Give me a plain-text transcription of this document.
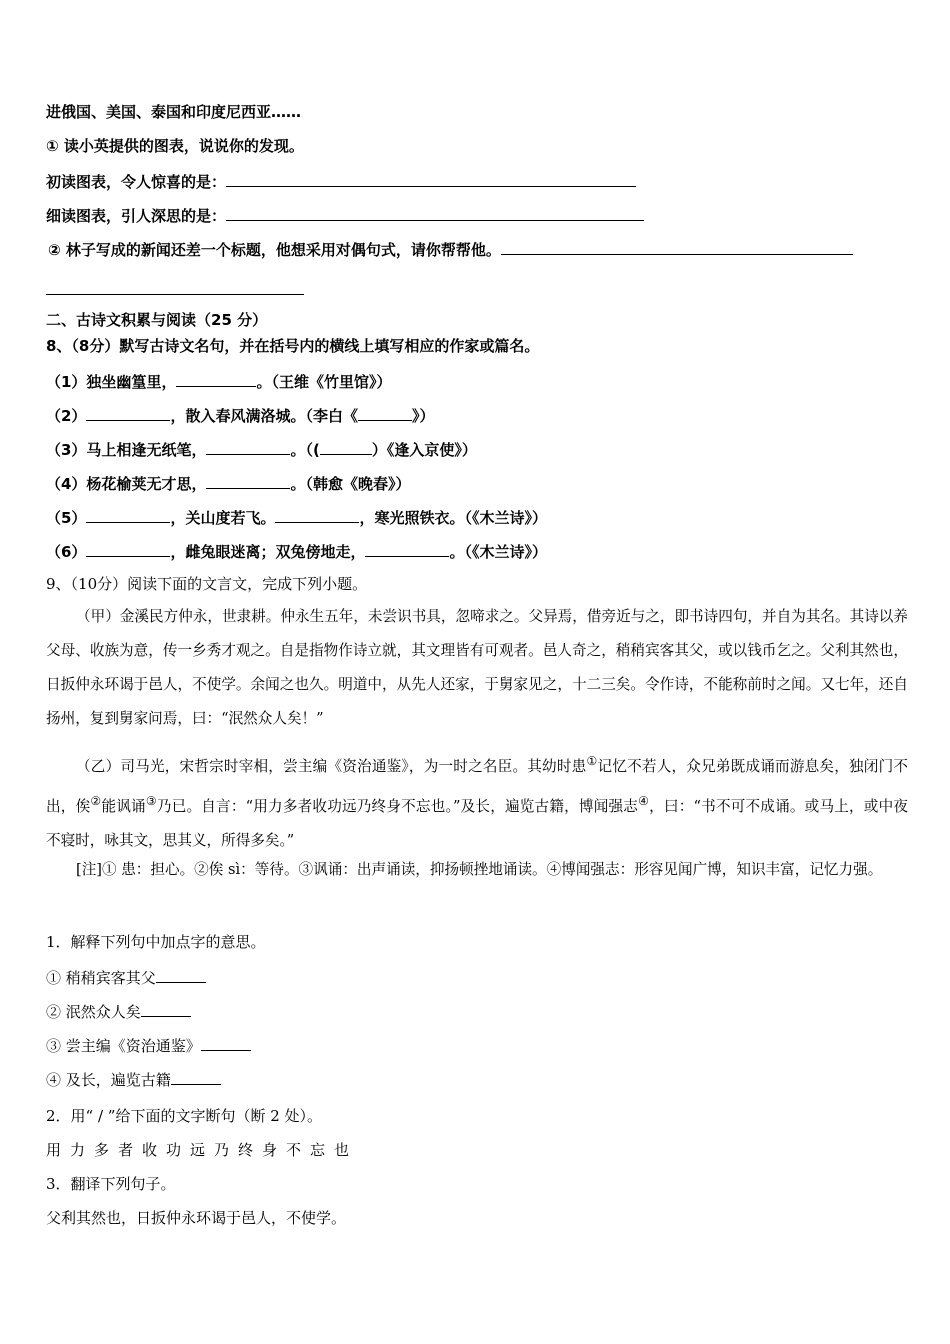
进俄国、美国、泰国和印度尼西亚……
① 读小英提供的图表，说说你的发现。
初读图表，令人惊喜的是：
细读图表，引人深思的是：
② 林子写成的新闻还差一个标题，他想采用对偶句式，请你帮帮他。
二、古诗文积累与阅读（25 分）
8、（8分）默写古诗文名句，并在括号内的横线上填写相应的作家或篇名。
（1）独坐幽篁里，	。（王维《竹里馆》）
（2）	，散入春风满洛城。（李白《	》）
（3）马上相逢无纸笔，	。（(	）《逢入京使》）
（4）杨花榆荚无才思，	。（韩愈《晚春》）
（5）	，关山度若飞。	，寒光照铁衣。（《木兰诗》）
（6）	，雌兔眼迷离；双兔傍地走，	。（《木兰诗》）
9、（10分）阅读下面的文言文，完成下列小题。
（甲）金溪民方仲永，世隶耕。仲永生五年，未尝识书具，忽啼求之。父异焉，借旁近与之，即书诗四句，并自为其名。其诗以养父母、收族为意，传一乡秀才观之。自是指物作诗立就，其文理皆有可观者。邑人奇之，稍稍宾客其父，或以钱币乞之。父利其然也，日扳仲永环谒于邑人，不使学。余闻之也久。明道中，从先人还家，于舅家见之，十二三矣。令作诗，不能称前时之闻。又七年，还自扬州，复到舅家问焉，曰：“泯然众人矣！”
（乙）司马光，宋哲宗时宰相，尝主编《资治通鉴》，为一时之名臣。其幼时患①记忆不若人，众兄弟既成诵而游息矣，独闭门不出，俟②能讽诵③乃已。自言：“用力多者收功远乃终身不忘也。”及长，遍览古籍，博闻强志④，曰：“书不可不成诵。或马上，或中夜不寝时，咏其文，思其义，所得多矣。”
[注]① 患：担心。②俟 sì：等待。③讽诵：出声诵读，抑扬顿挫地诵读。④博闻强志：形容见闻广博，知识丰富，记忆力强。
1．解释下列句中加点字的意思。
① 稍稍宾客其父
② 泯然众人矣
③ 尝主编《资治通鉴》
④ 及长，遍览古籍
2．用“ / ”给下面的文字断句（断 2 处）。
用力多者收功远乃终身不忘也
3．翻译下列句子。
父利其然也，日扳仲永环谒于邑人，不使学。
